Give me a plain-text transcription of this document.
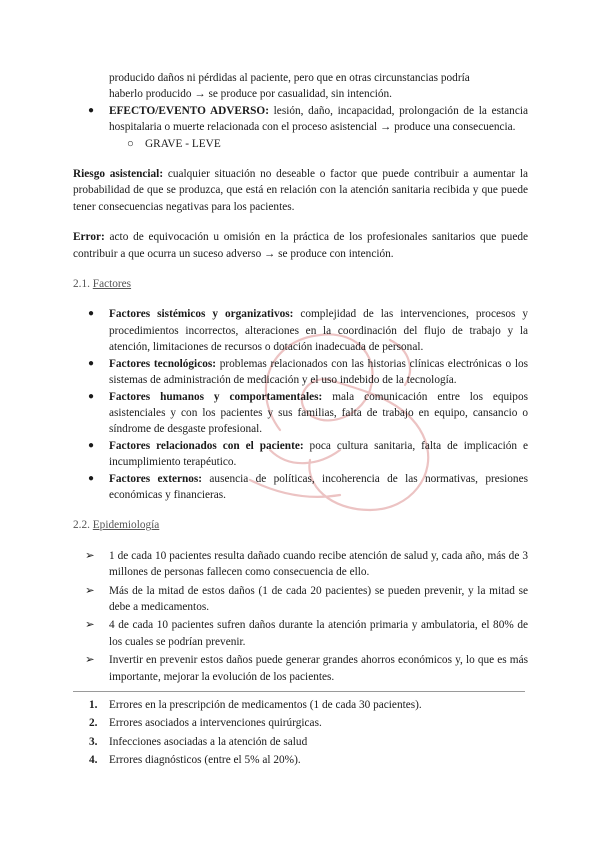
producido daños ni pérdidas al paciente, pero que en otras circunstancias podría

haberlo producido → se produce por casualidad, sin intención.

● EFECTO/EVENTO ADVERSO: lesión, daño, incapacidad, prolongación de la estancia hospitalaria o muerte relacionada con el proceso asistencial → produce una consecuencia.
○ GRAVE - LEVE

Riesgo asistencial: cualquier situación no deseable o factor que puede contribuir a aumentar la probabilidad de que se produzca, que está en relación con la atención sanitaria recibida y que puede tener consecuencias negativas para los pacientes.

Error: acto de equivocación u omisión en la práctica de los profesionales sanitarios que puede contribuir a que ocurra un suceso adverso → se produce con intención.

2.1. Factores
● Factores sistémicos y organizativos: complejidad de las intervenciones, procesos y procedimientos incorrectos, alteraciones en la coordinación del flujo de trabajo y la atención, limitaciones de recursos o dotación inadecuada de personal.
● Factores tecnológicos: problemas relacionados con las historias clínicas electrónicas o los sistemas de administración de medicación y el uso indebido de la tecnología.
● Factores humanos y comportamentales: mala comunicación entre los equipos asistenciales y con los pacientes y sus familias, falta de trabajo en equipo, cansancio o síndrome de desgaste profesional.
● Factores relacionados con el paciente: poca cultura sanitaria, falta de implicación e incumplimiento terapéutico.
● Factores externos: ausencia de políticas, incoherencia de las normativas, presiones económicas y financieras.
2.2. Epidemiología
➢ 1 de cada 10 pacientes resulta dañado cuando recibe atención de salud y, cada año, más de 3 millones de personas fallecen como consecuencia de ello.
➢ Más de la mitad de estos daños (1 de cada 20 pacientes) se pueden prevenir, y la mitad se debe a medicamentos.
➢ 4 de cada 10 pacientes sufren daños durante la atención primaria y ambulatoria, el 80% de los cuales se podrían prevenir.
➢ Invertir en prevenir estos daños puede generar grandes ahorros económicos y, lo que es más importante, mejorar la evolución de los pacientes.
1. Errores en la prescripción de medicamentos (1 de cada 30 pacientes).
2. Errores asociados a intervenciones quirúrgicas.
3. Infecciones asociadas a la atención de salud
4. Errores diagnósticos (entre el 5% al 20%).
